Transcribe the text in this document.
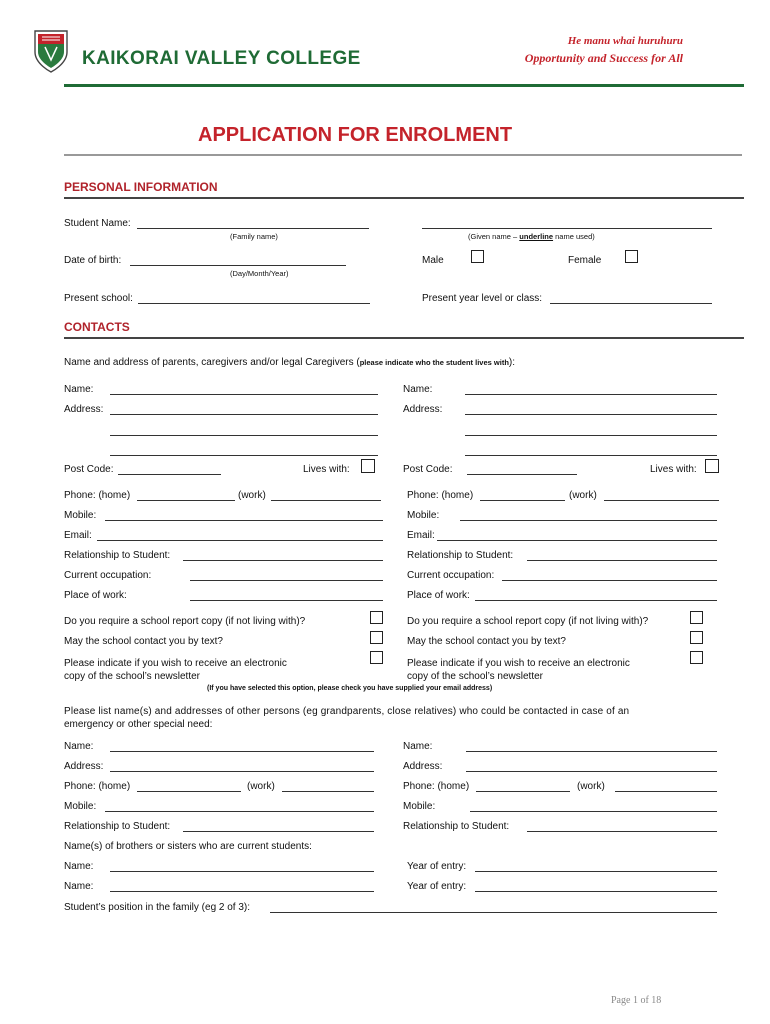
KAIKORAI VALLEY COLLEGE
He manu whai huruhuru
Opportunity and Success for All
APPLICATION FOR ENROLMENT
PERSONAL INFORMATION
Student Name:
(Family name)	(Given name – underline name used)
Date of birth:
(Day/Month/Year)
Male	Female
Present school:	Present year level or class:
CONTACTS
Name and address of parents, caregivers and/or legal Caregivers (please indicate who the student lives with):
Name:
Address:
Post Code:	Lives with:
Phone: (home)	(work)
Mobile:
Email:
Relationship to Student:
Current occupation:
Place of work:
Do you require a school report copy (if not living with)?
May the school contact you by text?
Please indicate if you wish to receive an electronic
copy of the school’s newsletter
Name:
Address:
Post Code:	Lives with:
Phone: (home)	(work)
Mobile:
Email:
Relationship to Student:
Current occupation:
Place of work:
Do you require a school report copy (if not living with)?
May the school contact you by text?
Please indicate if you wish to receive an electronic
copy of the school’s newsletter
(If you have selected this option, please check you have supplied your email address)
Please list name(s) and addresses of other persons (eg grandparents, close relatives) who could be contacted in case of an
emergency or other special need:
Name:
Address:
Phone: (home)	(work)
Mobile:
Relationship to Student:
Name:
Address:
Phone: (home)	(work)
Mobile:
Relationship to Student:
Name(s) of brothers or sisters who are current students:
Name:	Year of entry:
Name:	Year of entry:
Student’s position in the family (eg 2 of 3):
Page 1 of 18
